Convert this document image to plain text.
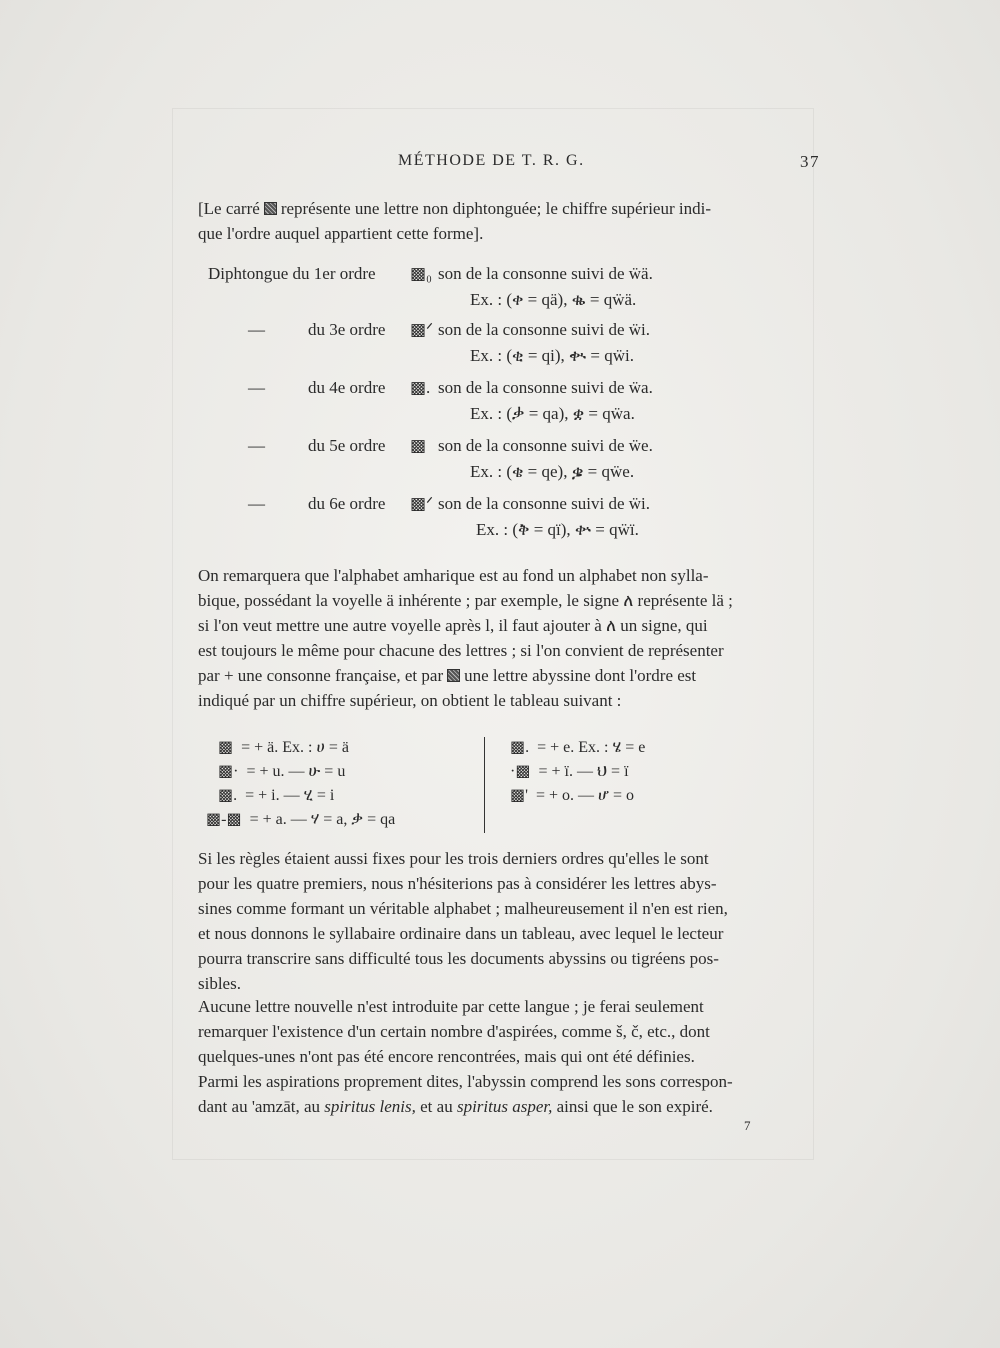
MÉTHODE DE T. R. G.	37
[Le carré représente une lettre non diphtonguée; le chiffre supérieur indi-
que l'ordre auquel appartient cette forme].
Diphtongue du 1er ordre ▩₀ son de la consonne suivi de ẅä.
Ex. : (ቀ = qä), ቈ = qẅä.
—	du 3e ordre ▩ᐟ son de la consonne suivi de ẅi.
Ex. : (ቂ = qi), ቊ = qẅi.
—	du 4e ordre ▩. son de la consonne suivi de ẅa.
Ex. : (ቃ = qa), ቋ = qẅa.
—	du 5e ordre ▩ son de la consonne suivi de ẅe.
Ex. : (ቄ = qe), ቌ = qẅe.
—	du 6e ordre ▩ᐟ son de la consonne suivi de ẅi.
Ex. : (ቅ = qï), ቍ = qẅï.
On remarquera que l'alphabet amharique est au fond un alphabet non sylla-
bique, possédant la voyelle ä inhérente ; par exemple, le signe ለ représente lä ;
si l'on veut mettre une autre voyelle après l, il faut ajouter à ለ un signe, qui
est toujours le même pour chacune des lettres ; si l'on convient de représenter
par + une consonne française, et par une lettre abyssine dont l'ordre est
indiqué par un chiffre supérieur, on obtient le tableau suivant :
▩ = + ä. Ex. : ሀ = ä
▩· = + u. — ሁ = u
▩. = + i. — ሂ = i
▩-▩ = + a. — ሃ = a, ቃ = qa
▩. = + e. Ex. : ሄ = e
·▩ = + ï. — ህ = ï
▩' = + o. — ሆ = o
Si les règles étaient aussi fixes pour les trois derniers ordres qu'elles le sont
pour les quatre premiers, nous n'hésiterions pas à considérer les lettres abys-
sines comme formant un véritable alphabet ; malheureusement il n'en est rien,
et nous donnons le syllabaire ordinaire dans un tableau, avec lequel le lecteur
pourra transcrire sans difficulté tous les documents abyssins ou tigréens pos-
sibles.
Aucune lettre nouvelle n'est introduite par cette langue ; je ferai seulement
remarquer l'existence d'un certain nombre d'aspirées, comme š, č, etc., dont
quelques-unes n'ont pas été encore rencontrées, mais qui ont été définies.
Parmi les aspirations proprement dites, l'abyssin comprend les sons correspon-
dant au 'amzāt, au spiritus lenis, et au spiritus asper, ainsi que le son expiré.
7
